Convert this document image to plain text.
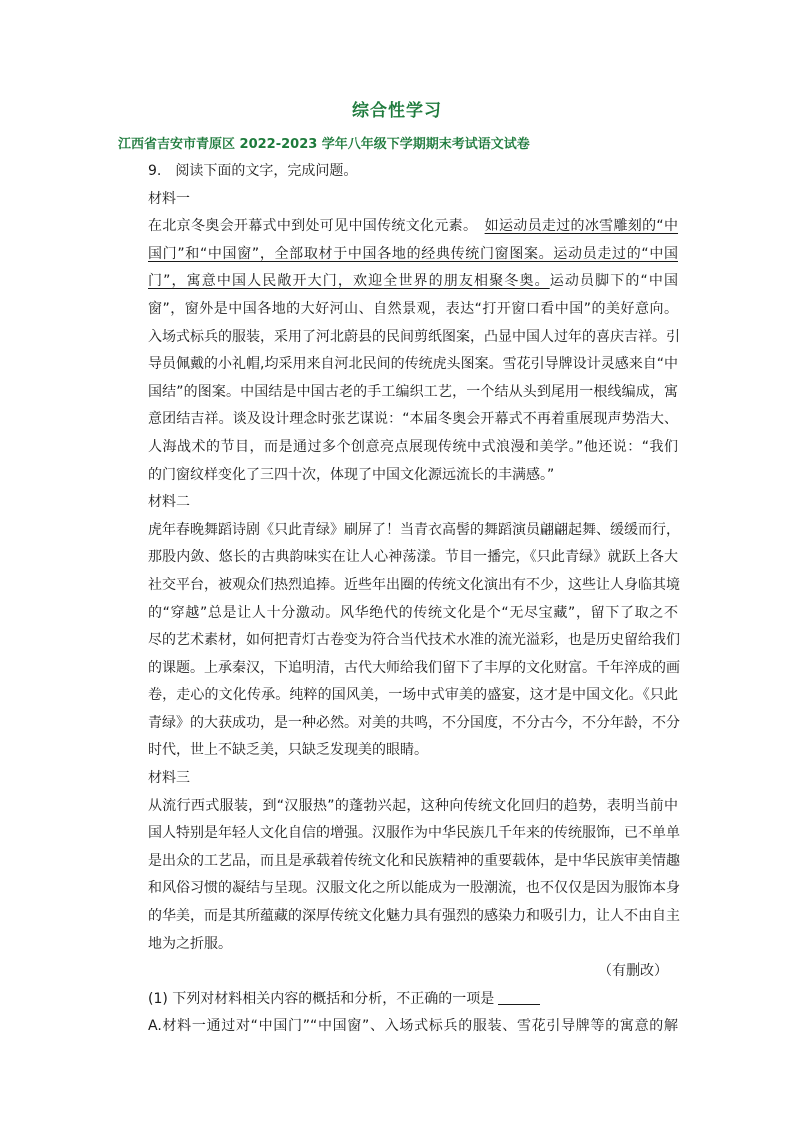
综合性学习
江西省吉安市青原区 2022-2023 学年八年级下学期期末考试语文试卷
9.　阅读下面的文字，完成问题。
材料一
在北京冬奥会开幕式中到处可见中国传统文化元素。　 如运动员走过的冰雪雕刻的“中
国门”和“中国窗”，全部取材于中国各地的经典传统门窗图案。运动员走过的“中国
门”，寓意中国人民敞开大门，欢迎全世界的朋友相聚冬奥。运动员脚下的“中国
窗”，窗外是中国各地的大好河山、自然景观，表达“打开窗口看中国”的美好意向。
入场式标兵的服装，采用了河北蔚县的民间剪纸图案，凸显中国人过年的喜庆吉祥。引
导员佩戴的小礼帽,均采用来自河北民间的传统虎头图案。雪花引导牌设计灵感来自“中
国结”的图案。中国结是中国古老的手工编织工艺，一个结从头到尾用一根线编成，寓
意团结吉祥。谈及设计理念时张艺谋说：“本届冬奥会开幕式不再着重展现声势浩大、
人海战术的节目，而是通过多个创意亮点展现传统中式浪漫和美学。”他还说：“我们
的门窗纹样变化了三四十次，体现了中国文化源远流长的丰满感。”
材料二
虎年春晚舞蹈诗剧《只此青绿》刷屏了！当青衣高髻的舞蹈演员翩翩起舞、缓缓而行，
那股内敛、悠长的古典韵味实在让人心神荡漾。节目一播完，《只此青绿》就跃上各大
社交平台，被观众们热烈追捧。近些年出圈的传统文化演出有不少，这些让人身临其境
的“穿越”总是让人十分激动。风华绝代的传统文化是个“无尽宝藏”，留下了取之不
尽的艺术素材，如何把青灯古卷变为符合当代技术水准的流光溢彩，也是历史留给我们
的课题。上承秦汉，下追明清，古代大师给我们留下了丰厚的文化财富。千年淬成的画
卷，走心的文化传承。纯粹的国风美，一场中式审美的盛宴，这才是中国文化。《只此
青绿》的大获成功，是一种必然。对美的共鸣，不分国度，不分古今，不分年龄，不分
时代，世上不缺乏美，只缺乏发现美的眼睛。
材料三
从流行西式服装，到“汉服热”的蓬勃兴起，这种向传统文化回归的趋势，表明当前中
国人特别是年轻人文化自信的增强。汉服作为中华民族几千年来的传统服饰，已不单单
是出众的工艺品，而且是承载着传统文化和民族精神的重要载体，是中华民族审美情趣
和风俗习惯的凝结与呈现。汉服文化之所以能成为一股潮流，也不仅仅是因为服饰本身
的华美，而是其所蕴藏的深厚传统文化魅力具有强烈的感染力和吸引力，让人不由自主
地为之折服。
（有删改）
(1) 下列对材料相关内容的概括和分析，不正确的一项是
A.材料一通过对“中国门”“中国窗”、入场式标兵的服装、雪花引导牌等的寓意的解
